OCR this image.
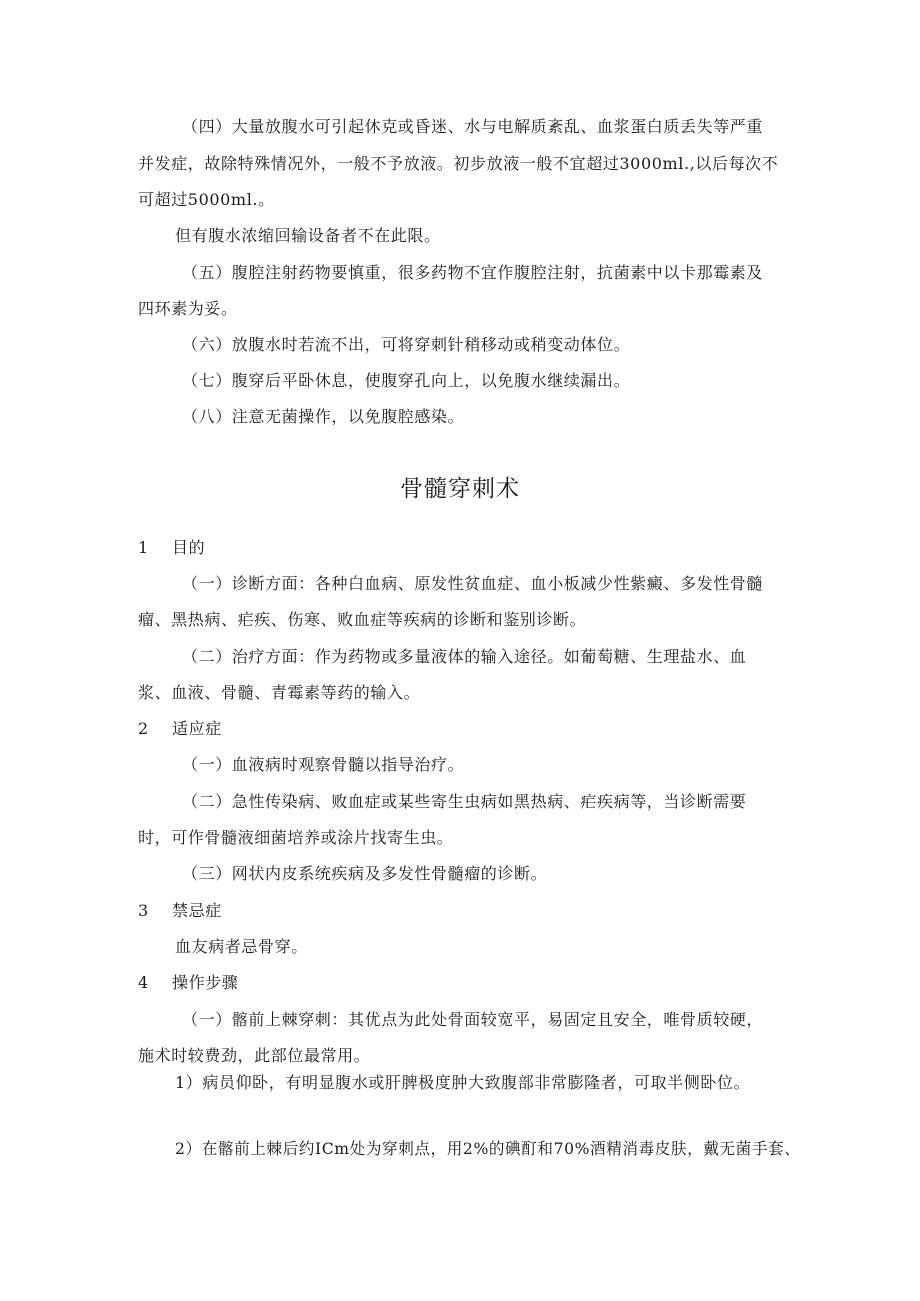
（四）大量放腹水可引起休克或昏迷、水与电解质紊乱、血浆蛋白质丢失等严重
并发症，故除特殊情况外，一般不予放液。初步放液一般不宜超过3000ml.,以后每次不
可超过5000ml.。
但有腹水浓缩回输设备者不在此限。
（五）腹腔注射药物要慎重，很多药物不宜作腹腔注射，抗菌素中以卡那霉素及
四环素为妥。
（六）放腹水时若流不出，可将穿刺针稍移动或稍变动体位。
（七）腹穿后平卧休息，使腹穿孔向上，以免腹水继续漏出。
（八）注意无菌操作，以免腹腔感染。
骨髓穿刺术
1 目的
（一）诊断方面：各种白血病、原发性贫血症、血小板减少性紫癜、多发性骨髓
瘤、黑热病、疟疾、伤寒、败血症等疾病的诊断和鉴别诊断。
（二）治疗方面：作为药物或多量液体的输入途径。如葡萄糖、生理盐水、血
浆、血液、骨髓、青霉素等药的输入。
2 适应症
（一）血液病时观察骨髓以指导治疗。
（二）急性传染病、败血症或某些寄生虫病如黑热病、疟疾病等，当诊断需要
时，可作骨髓液细菌培养或涂片找寄生虫。
（三）网状内皮系统疾病及多发性骨髓瘤的诊断。
3 禁忌症
血友病者忌骨穿。
4 操作步骤
（一）髂前上棘穿刺：其优点为此处骨面较宽平，易固定且安全，唯骨质较硬，
施术时较费劲，此部位最常用。
1）病员仰卧，有明显腹水或肝脾极度肿大致腹部非常膨隆者，可取半侧卧位。
2）在髂前上棘后约ICm处为穿刺点，用2%的碘酊和70%酒精消毒皮肤，戴无菌手套、
